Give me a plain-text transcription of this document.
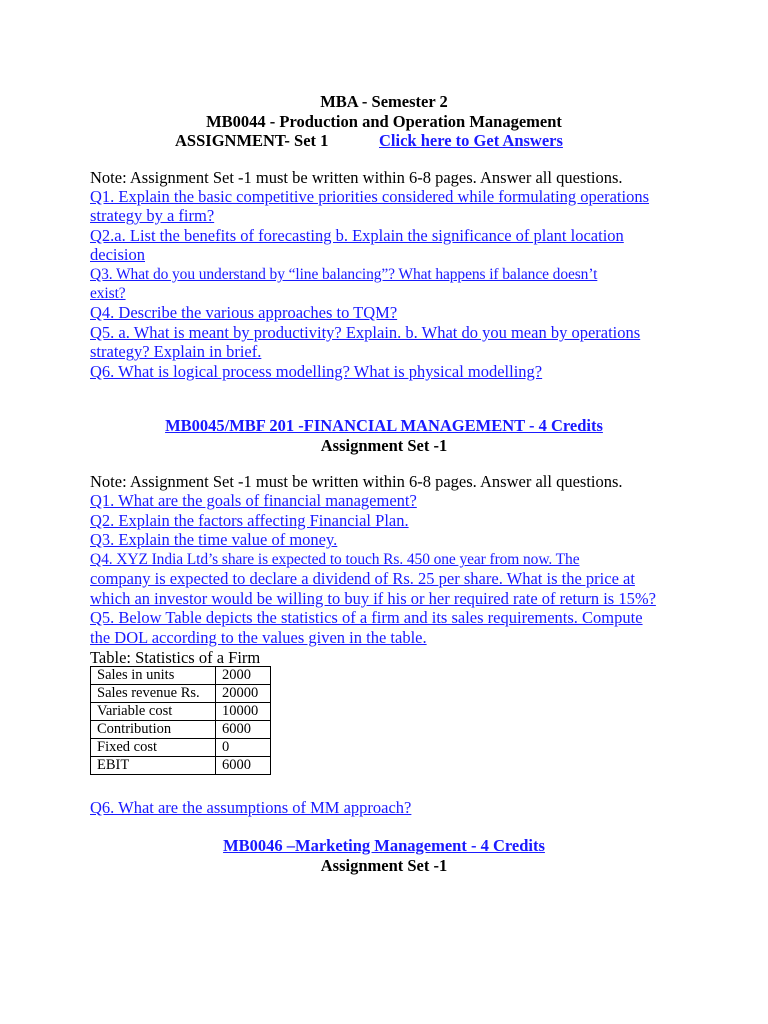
MBA - Semester 2
MB0044 - Production and Operation Management
ASSIGNMENT- Set 1	Click here to Get Answers
Note: Assignment Set -1 must be written within 6-8 pages. Answer all questions.
Q1. Explain the basic competitive priorities considered while formulating operations
strategy by a firm?
Q2.a. List the benefits of forecasting b. Explain the significance of plant location
decision
Q3. What do you understand by “line balancing”? What happens if balance doesn’t
exist?
Q4. Describe the various approaches to TQM?
Q5. a. What is meant by productivity? Explain. b. What do you mean by operations
strategy? Explain in brief.
Q6. What is logical process modelling? What is physical modelling?
MB0045/MBF 201 -FINANCIAL MANAGEMENT - 4 Credits
Assignment Set -1
Note: Assignment Set -1 must be written within 6-8 pages. Answer all questions.
Q1. What are the goals of financial management?
Q2. Explain the factors affecting Financial Plan.
Q3. Explain the time value of money.
Q4. XYZ India Ltd’s share is expected to touch Rs. 450 one year from now. The
company is expected to declare a dividend of Rs. 25 per share. What is the price at
which an investor would be willing to buy if his or her required rate of return is 15%?
Q5. Below Table depicts the statistics of a firm and its sales requirements. Compute
the DOL according to the values given in the table.
Table: Statistics of a Firm
Sales in units	2000
Sales revenue Rs.	20000
Variable cost	10000
Contribution	6000
Fixed cost	0
EBIT	6000
Q6. What are the assumptions of MM approach?
MB0046 –Marketing Management - 4 Credits
Assignment Set -1
